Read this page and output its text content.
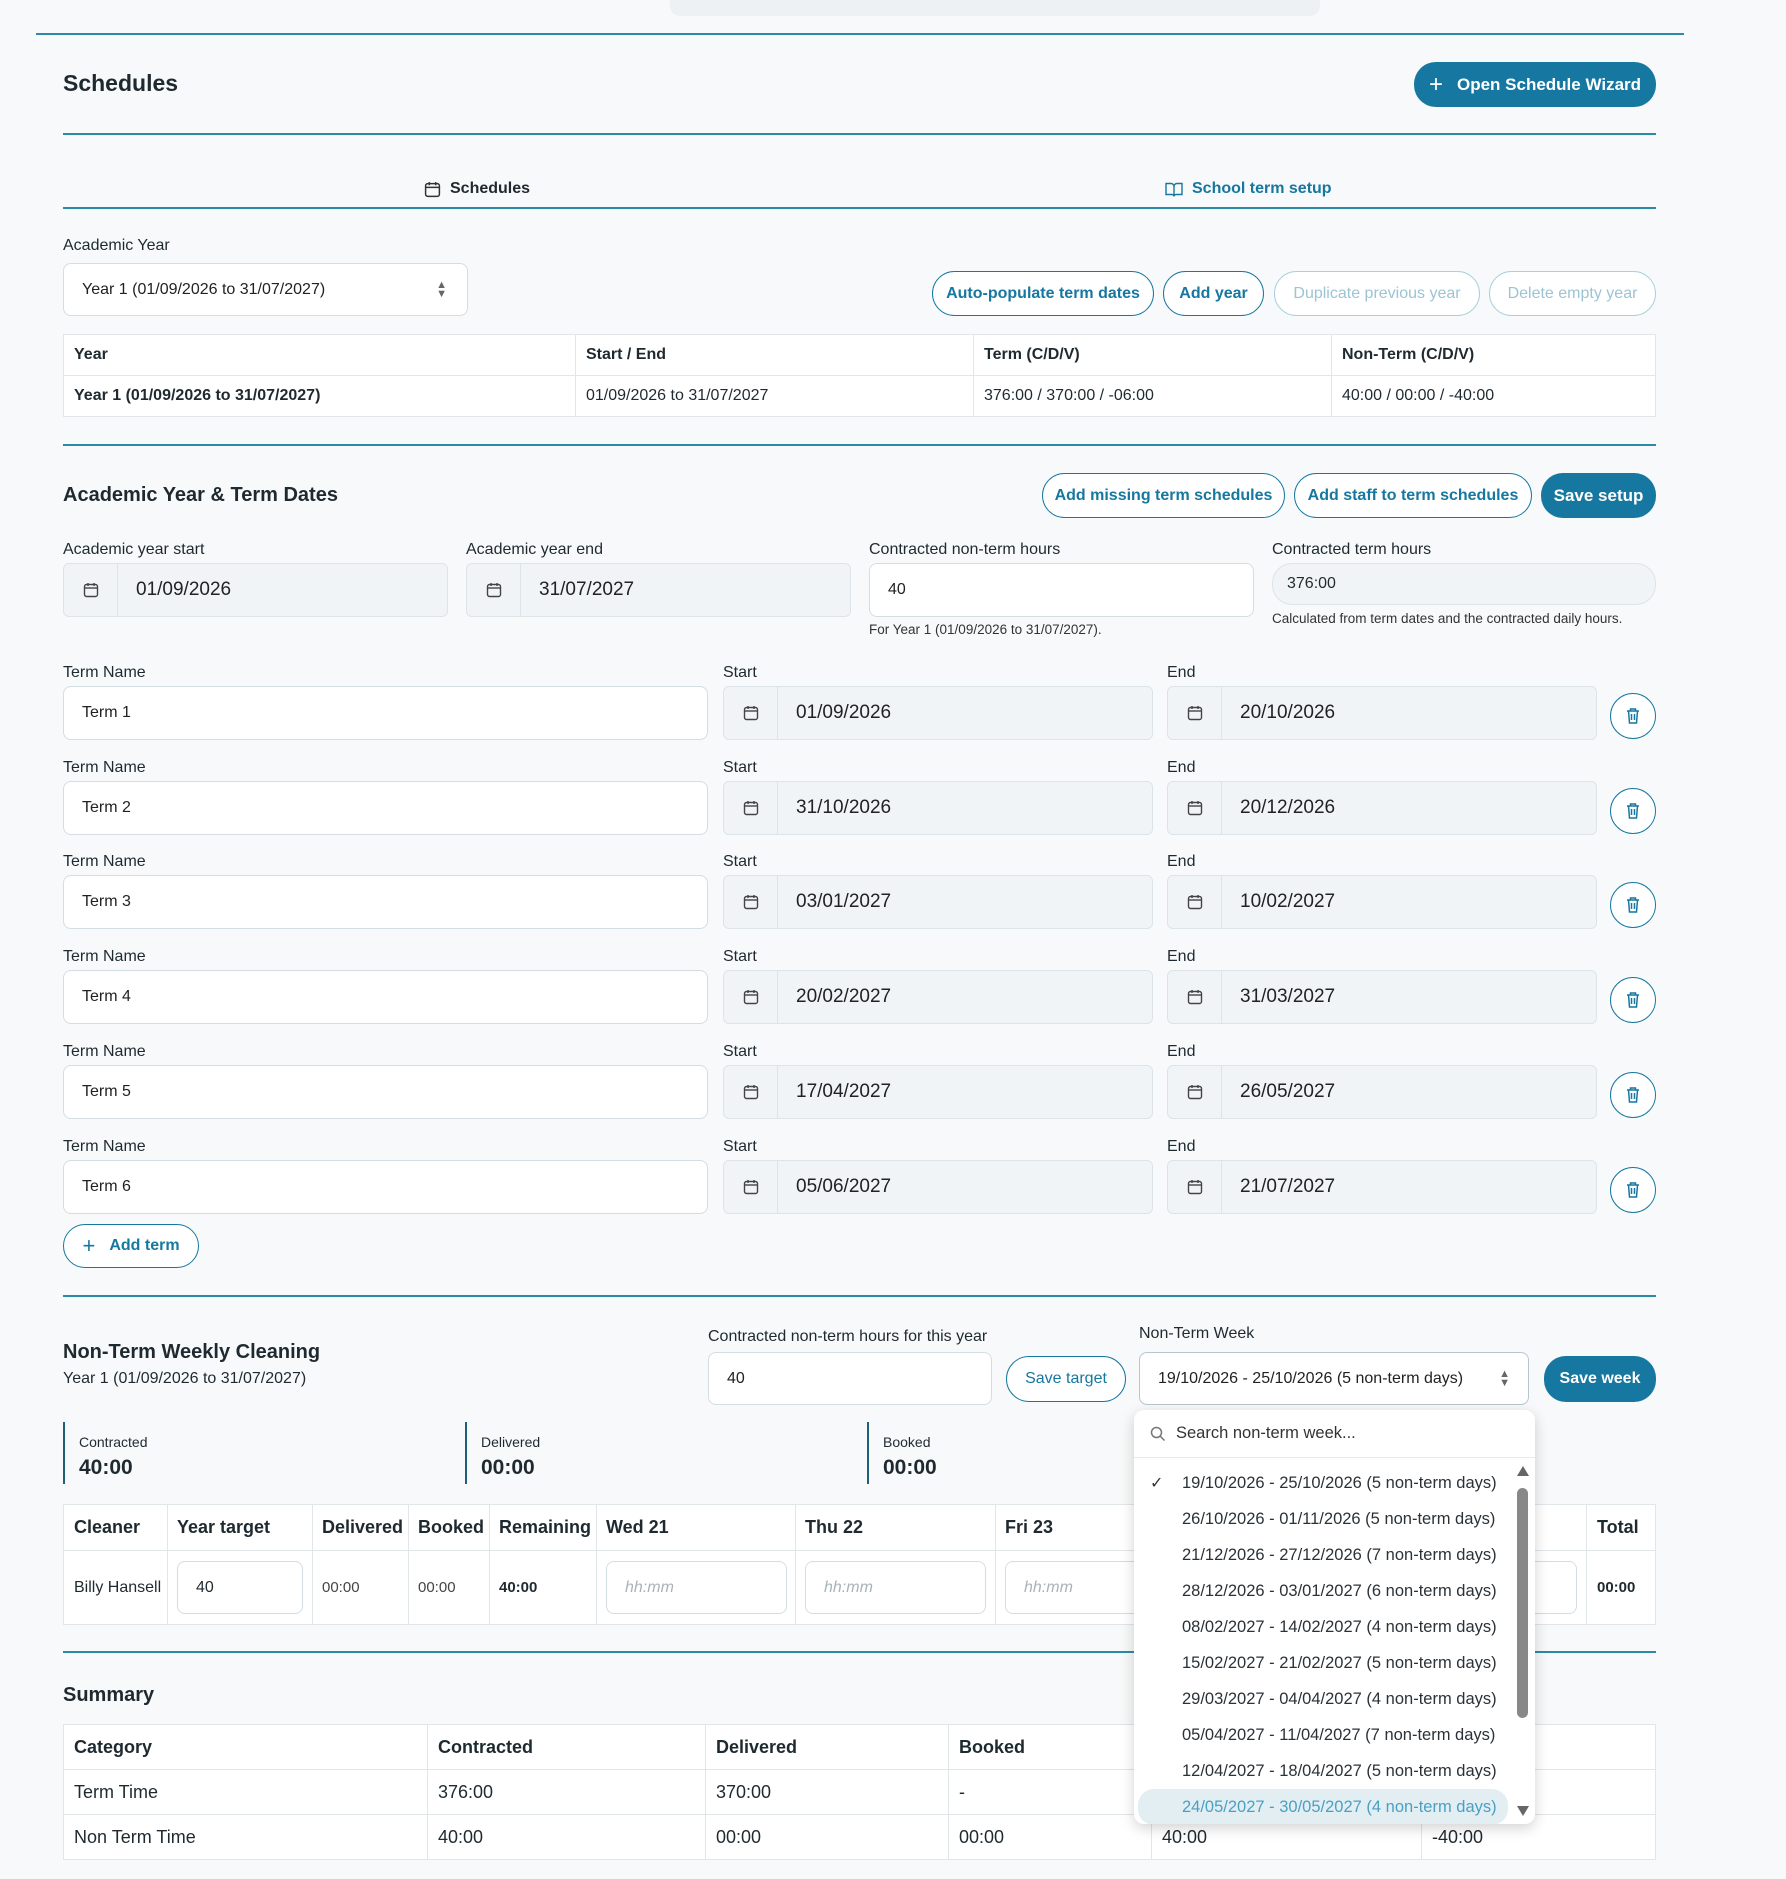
Schedules	+ Open Schedule Wizard
Schedules	School term setup
Academic Year
Year 1 (01/09/2026 to 31/07/2027)	▲
▼	Auto-populate term dates	Add year	Duplicate previous year	Delete empty year
Year	Start / End	Term (C/D/V)	Non-Term (C/D/V)
Year 1 (01/09/2026 to 31/07/2027)	01/09/2026 to 31/07/2027	376:00 / 370:00 / -06:00	40:00 / 00:00 / -40:00
Academic Year & Term Dates	Add missing term schedules	Add staff to term schedules	Save setup
Academic year start
01/09/2026
Academic year end
31/07/2027
Contracted non-term hours
40
For Year 1 (01/09/2026 to 31/07/2027).
Contracted term hours
376:00
Calculated from term dates and the contracted daily hours.
Term Name
Term 1
Start
01/09/2026
End
20/10/2026
Term Name
Term 2
Start
31/10/2026
End
20/12/2026
Term Name
Term 3
Start
03/01/2027
End
10/02/2027
Term Name
Term 4
Start
20/02/2027
End
31/03/2027
Term Name
Term 5
Start
17/04/2027
End
26/05/2027
Term Name
Term 6
Start
05/06/2027
End
21/07/2027
+ Add term
Non-Term Weekly Cleaning
Year 1 (01/09/2026 to 31/07/2027)
Contracted non-term hours for this year
40	Save target
Non-Term Week
19/10/2026 - 25/10/2026 (5 non-term days)	▲
▼	Save week
Contracted
40:00
Delivered
00:00
Booked
00:00
Cleaner	Year target	Delivered	Booked	Remaining	Wed 21	Thu 22	Fri 23		Total
Billy Hansell	40	00:00	00:00	40:00	hh:mm	hh:mm	hh:mm		00:00
Summary
Category	Contracted	Delivered	Booked		
Term Time	376:00	370:00	-		
Non Term Time	40:00	00:00	00:00	40:00	-40:00
Search non-term week...
✓ 19/10/2026 - 25/10/2026 (5 non-term days)
26/10/2026 - 01/11/2026 (5 non-term days)
21/12/2026 - 27/12/2026 (7 non-term days)
28/12/2026 - 03/01/2027 (6 non-term days)
08/02/2027 - 14/02/2027 (4 non-term days)
15/02/2027 - 21/02/2027 (5 non-term days)
29/03/2027 - 04/04/2027 (4 non-term days)
05/04/2027 - 11/04/2027 (7 non-term days)
12/04/2027 - 18/04/2027 (5 non-term days)
24/05/2027 - 30/05/2027 (4 non-term days)
